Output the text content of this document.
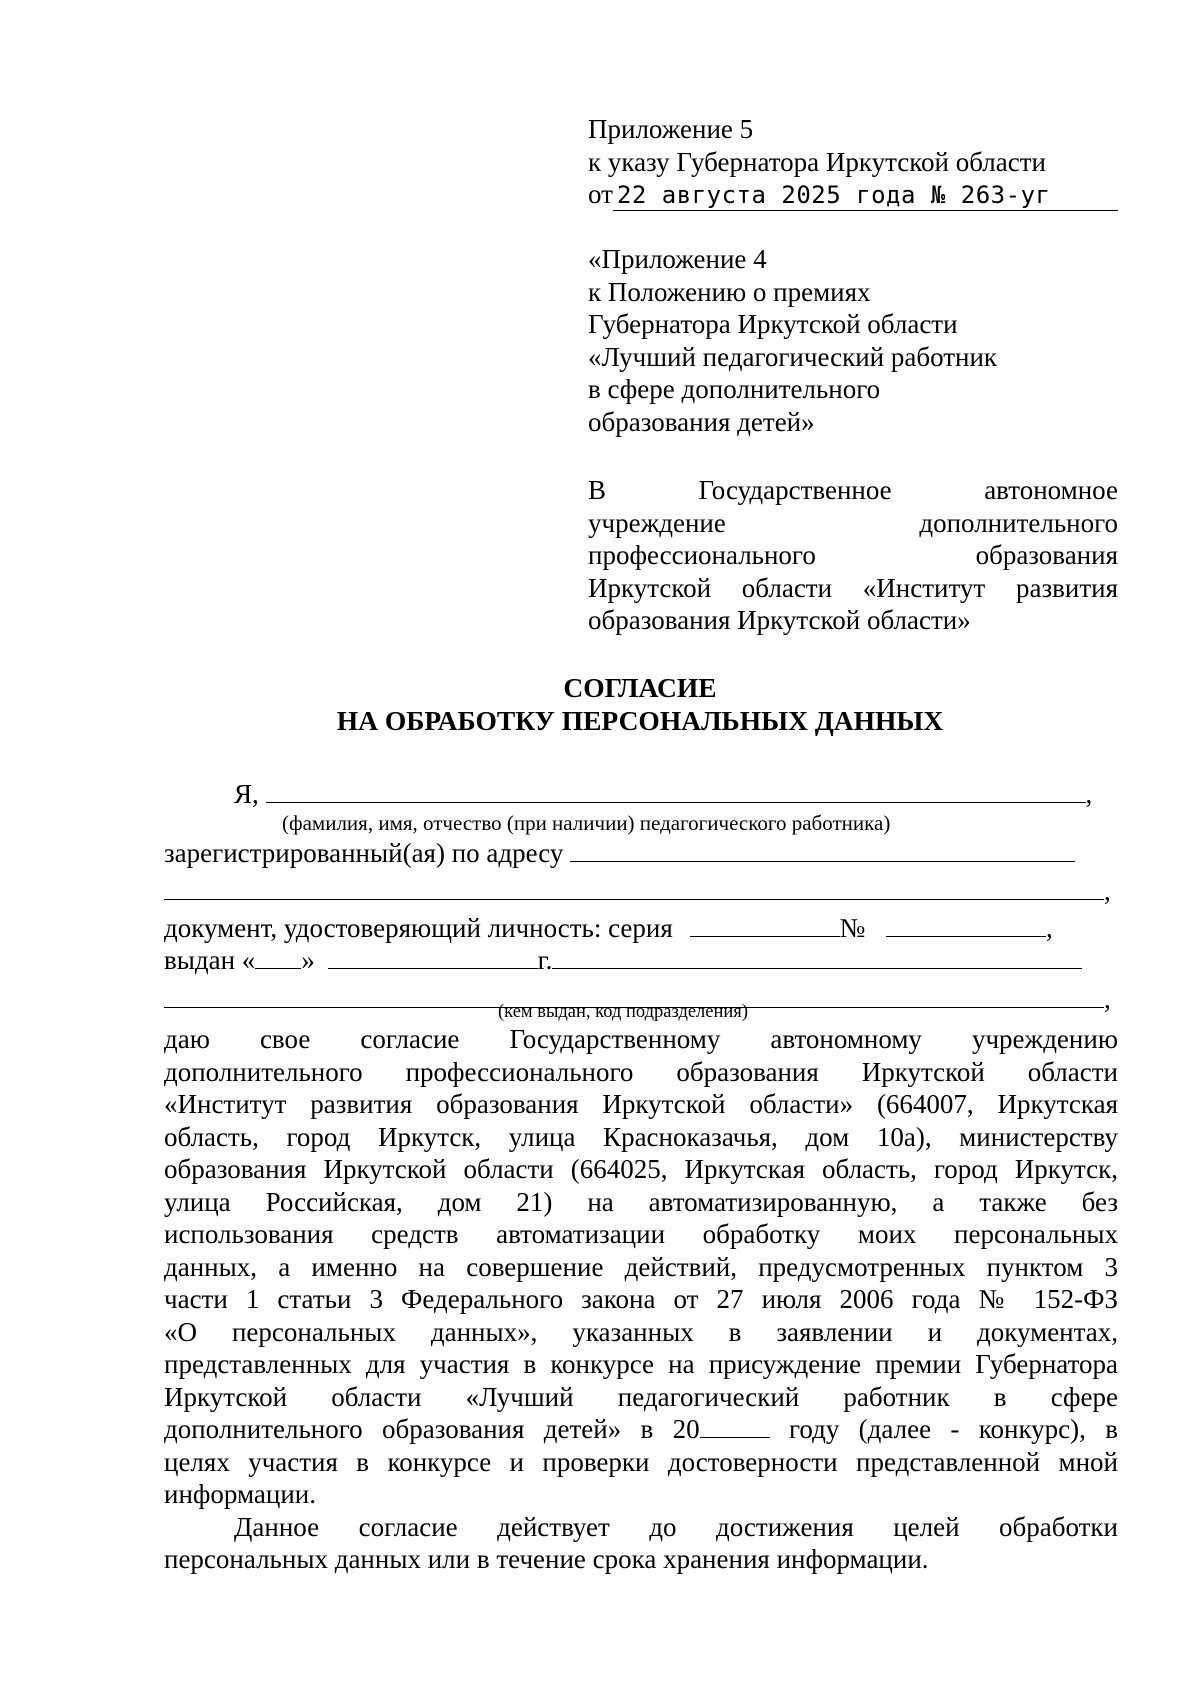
Приложение 5
к указу Губернатора Иркутской области
от 22 августа 2025 года № 263-уг
«Приложение 4
к Положению о премиях
Губернатора Иркутской области
«Лучший педагогический работник
в сфере дополнительного
образования детей»
В Государственное автономное
учреждение дополнительного
профессионального образования
Иркутской области «Институт развития
образования Иркутской области»
СОГЛАСИЕ
НА ОБРАБОТКУ ПЕРСОНАЛЬНЫХ ДАННЫХ
Я,	,
зарегистрированный(ая) по адресу
,
документ, удостоверяющий личность: серия	№	,
выдан « »	г.
,
(фамилия, имя, отчество (при наличии) педагогического работника)
(кем выдан, код подразделения)
даю свое согласие Государственному автономному учреждению
дополнительного профессионального образования Иркутской области
«Институт развития образования Иркутской области» (664007, Иркутская
область, город Иркутск, улица Красноказачья, дом 10а), министерству
образования Иркутской области (664025, Иркутская область, город Иркутск,
улица Российская, дом 21) на автоматизированную, а также без
использования средств автоматизации обработку моих персональных
данных, а именно на совершение действий, предусмотренных пунктом 3
части 1 статьи 3 Федерального закона от 27 июля 2006 года № 152-ФЗ
«О персональных данных», указанных в заявлении и документах,
представленных для участия в конкурсе на присуждение премии Губернатора
Иркутской области «Лучший педагогический работник в сфере
дополнительного образования детей» в 20	году (далее - конкурс), в
целях участия в конкурсе и проверки достоверности представленной мной
информации.
Данное согласие действует до достижения целей обработки
персональных данных или в течение срока хранения информации.
